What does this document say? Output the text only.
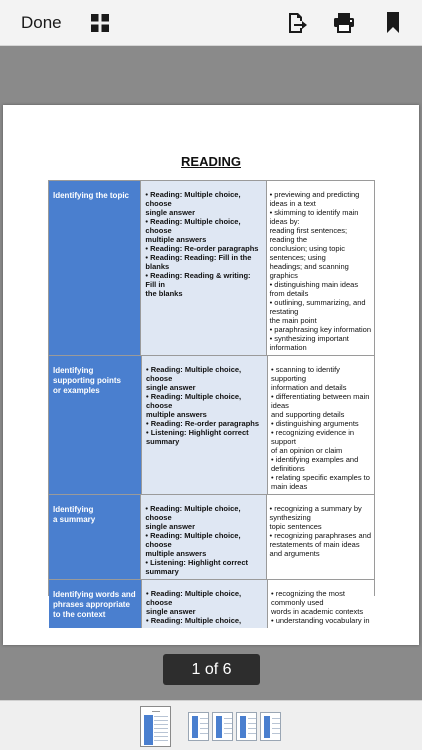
Done
READING
Identifying the topic	• Reading: Multiple choice,
choose
single answer
• Reading: Multiple choice,
choose
multiple answers
• Reading: Re-order paragraphs
• Reading: Reading: Fill in the
blanks
• Reading: Reading & writing:
Fill in
the blanks
• previewing and predicting
ideas in a text
• skimming to identify main
ideas by:
reading first sentences;
reading the
conclusion; using topic
sentences; using
headings; and scanning
graphics
• distinguishing main ideas
from details
• outlining, summarizing, and
restating
the main point
• paraphrasing key information
• synthesizing important
information
Identifying
supporting points
or examples
• Reading: Multiple choice,
choose
single answer
• Reading: Multiple choice,
choose
multiple answers
• Reading: Re-order paragraphs
• Listening: Highlight correct
summary
• scanning to identify
supporting
information and details
• differentiating between main
ideas
and supporting details
• distinguishing arguments
• recognizing evidence in
support
of an opinion or claim
• identifying examples and
definitions
• relating specific examples to
main ideas
Identifying
a summary
• Reading: Multiple choice,
choose
single answer
• Reading: Multiple choice,
choose
multiple answers
• Listening: Highlight correct
summary
• recognizing a summary by
synthesizing
topic sentences
• recognizing paraphrases and
restatements of main ideas
and arguments
Identifying words and
phrases appropriate
to the context
• Reading: Multiple choice,
choose
single answer
• Reading: Multiple choice,
• recognizing the most
commonly used
words in academic contexts
• understanding vocabulary in
1 of 6
